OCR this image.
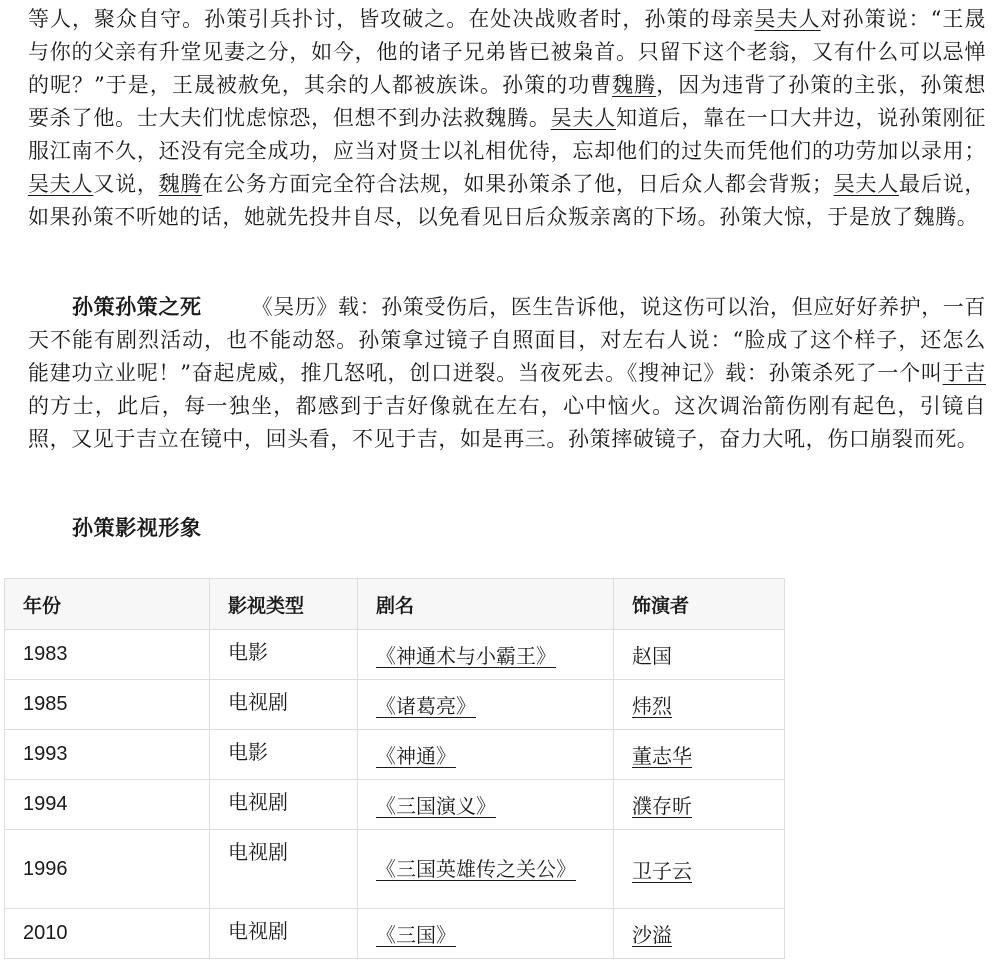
等人，聚众自守。孙策引兵扑讨，皆攻破之。在处决战败者时，孙策的母亲吴夫人对孙策说：“王晟与你的父亲有升堂见妻之分，如今，他的诸子兄弟皆已被枭首。只留下这个老翁，又有什么可以忌惮的呢？”于是，王晟被赦免，其余的人都被族诛。孙策的功曹魏腾，因为违背了孙策的主张，孙策想要杀了他。士大夫们忧虑惊恐，但想不到办法救魏腾。吴夫人知道后，靠在一口大井边，说孙策刚征服江南不久，还没有完全成功，应当对贤士以礼相优待，忘却他们的过失而凭他们的功劳加以录用；吴夫人又说，魏腾在公务方面完全符合法规，如果孙策杀了他，日后众人都会背叛；吴夫人最后说，如果孙策不听她的话，她就先投井自尽，以免看见日后众叛亲离的下场。孙策大惊，于是放了魏腾。

孙策孙策之死 《吴历》载：孙策受伤后，医生告诉他，说这伤可以治，但应好好养护，一百天不能有剧烈活动，也不能动怒。孙策拿过镜子自照面目，对左右人说：“脸成了这个样子，还怎么能建功立业呢！”奋起虎威，推几怒吼，创口迸裂。当夜死去。《搜神记》载：孙策杀死了一个叫于吉的方士，此后，每一独坐，都感到于吉好像就在左右，心中恼火。这次调治箭伤刚有起色，引镜自照，又见于吉立在镜中，回头看，不见于吉，如是再三。孙策摔破镜子，奋力大吼，伤口崩裂而死。

孙策影视形象
年份	影视类型	剧名	饰演者
1983	电影	《神通术与小霸王》	赵国
1985	电视剧	《诸葛亮》	炜烈
1993	电影	《神通》	董志华
1994	电视剧	《三国演义》	濮存昕
1996	电视剧	《三国英雄传之关公》	卫子云
2010	电视剧	《三国》	沙溢
